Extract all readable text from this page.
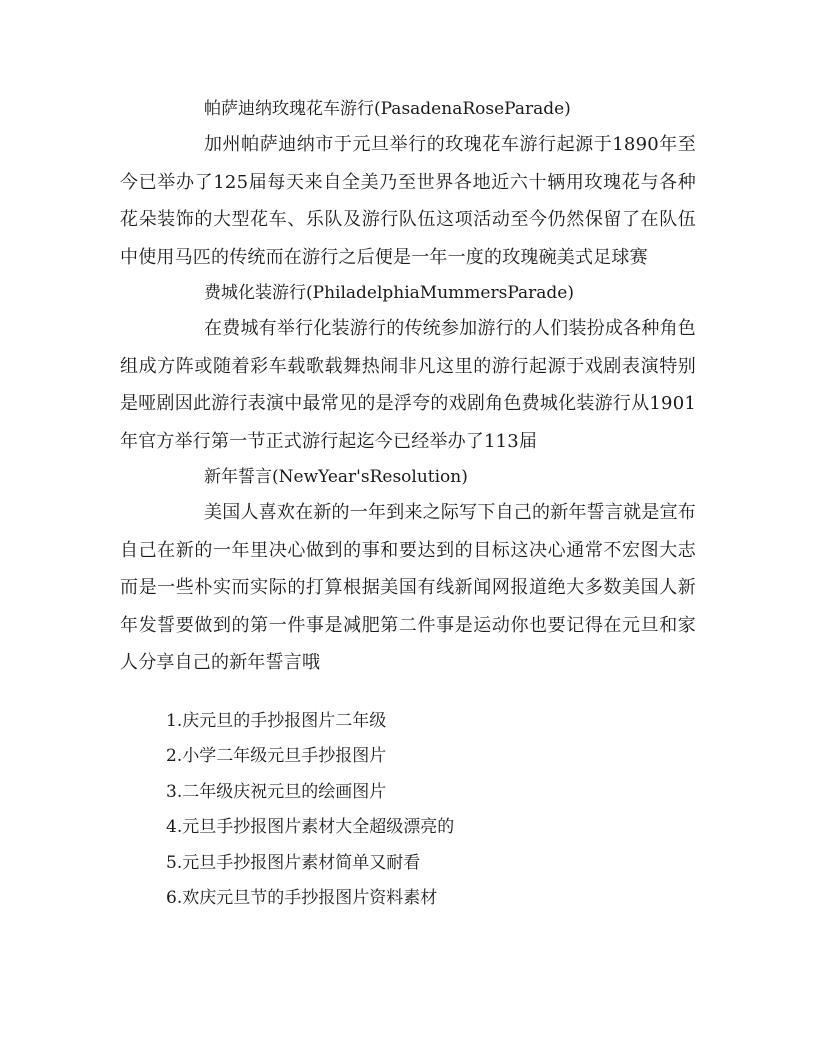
帕萨迪纳玫瑰花车游行(PasadenaRoseParade)

加州帕萨迪纳市于元旦举行的玫瑰花车游行起源于1890年至今已举办了125届每天来自全美乃至世界各地近六十辆用玫瑰花与各种花朵装饰的大型花车、乐队及游行队伍这项活动至今仍然保留了在队伍中使用马匹的传统而在游行之后便是一年一度的玫瑰碗美式足球赛

费城化装游行(PhiladelphiaMummersParade)

在费城有举行化装游行的传统参加游行的人们装扮成各种角色组成方阵或随着彩车载歌载舞热闹非凡这里的游行起源于戏剧表演特别是哑剧因此游行表演中最常见的是浮夸的戏剧角色费城化装游行从1901年官方举行第一节正式游行起迄今已经举办了113届

新年誓言(NewYear'sResolution)

美国人喜欢在新的一年到来之际写下自己的新年誓言就是宣布自己在新的一年里决心做到的事和要达到的目标这决心通常不宏图大志而是一些朴实而实际的打算根据美国有线新闻网报道绝大多数美国人新年发誓要做到的第一件事是减肥第二件事是运动你也要记得在元旦和家人分享自己的新年誓言哦

1.庆元旦的手抄报图片二年级
2.小学二年级元旦手抄报图片
3.二年级庆祝元旦的绘画图片
4.元旦手抄报图片素材大全超级漂亮的
5.元旦手抄报图片素材简单又耐看
6.欢庆元旦节的手抄报图片资料素材
